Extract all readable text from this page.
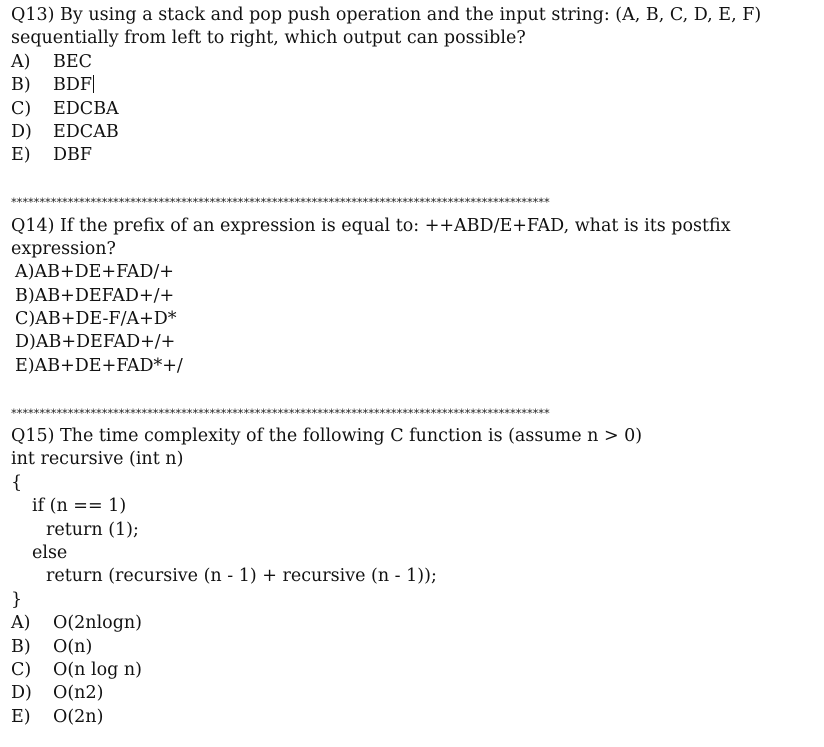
Q13) By using a stack and pop push operation and the input string: (A, B, C, D, E, F)
sequentially from left to right, which output can possible?
A) BEC
B) BDF
C) EDCBA
D) EDCAB
E) DBF
***********************************************************************************************
Q14) If the prefix of an expression is equal to: ++ABD/E+FAD, what is its postfix
expression?
A)AB+DE+FAD/+
B)AB+DEFAD+/+
C)AB+DE-F/A+D*
D)AB+DEFAD+/+
E)AB+DE+FAD*+/
***********************************************************************************************
Q15) The time complexity of the following C function is (assume n > 0)
int recursive (int n)
{
if (n == 1)
return (1);
else
return (recursive (n - 1) + recursive (n - 1));
}
A) O(2nlogn)
B) O(n)
C) O(n log n)
D) O(n2)
E) O(2n)
